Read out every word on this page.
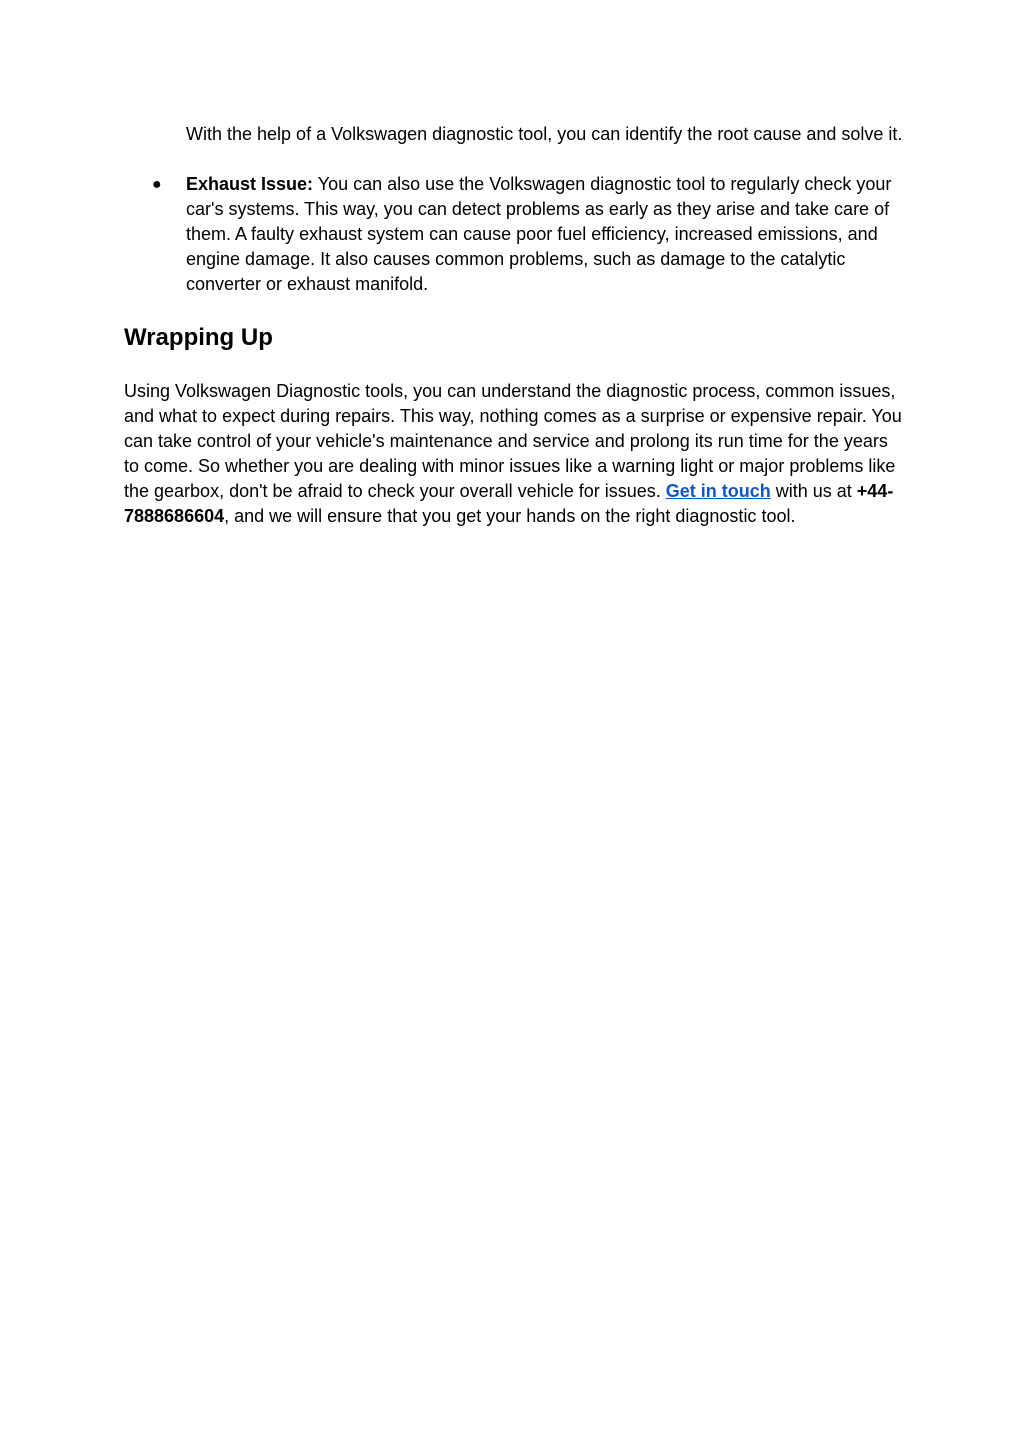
With the help of a Volkswagen diagnostic tool, you can identify the root cause and solve it.

●	Exhaust Issue: You can also use the Volkswagen diagnostic tool to regularly check your car's systems. This way, you can detect problems as early as they arise and take care of them. A faulty exhaust system can cause poor fuel efficiency, increased emissions, and engine damage. It also causes common problems, such as damage to the catalytic converter or exhaust manifold.
Wrapping Up

Using Volkswagen Diagnostic tools, you can understand the diagnostic process, common issues, and what to expect during repairs. This way, nothing comes as a surprise or expensive repair. You can take control of your vehicle's maintenance and service and prolong its run time for the years to come. So whether you are dealing with minor issues like a warning light or major problems like the gearbox, don't be afraid to check your overall vehicle for issues. Get in touch with us at +44-7888686604, and we will ensure that you get your hands on the right diagnostic tool.
